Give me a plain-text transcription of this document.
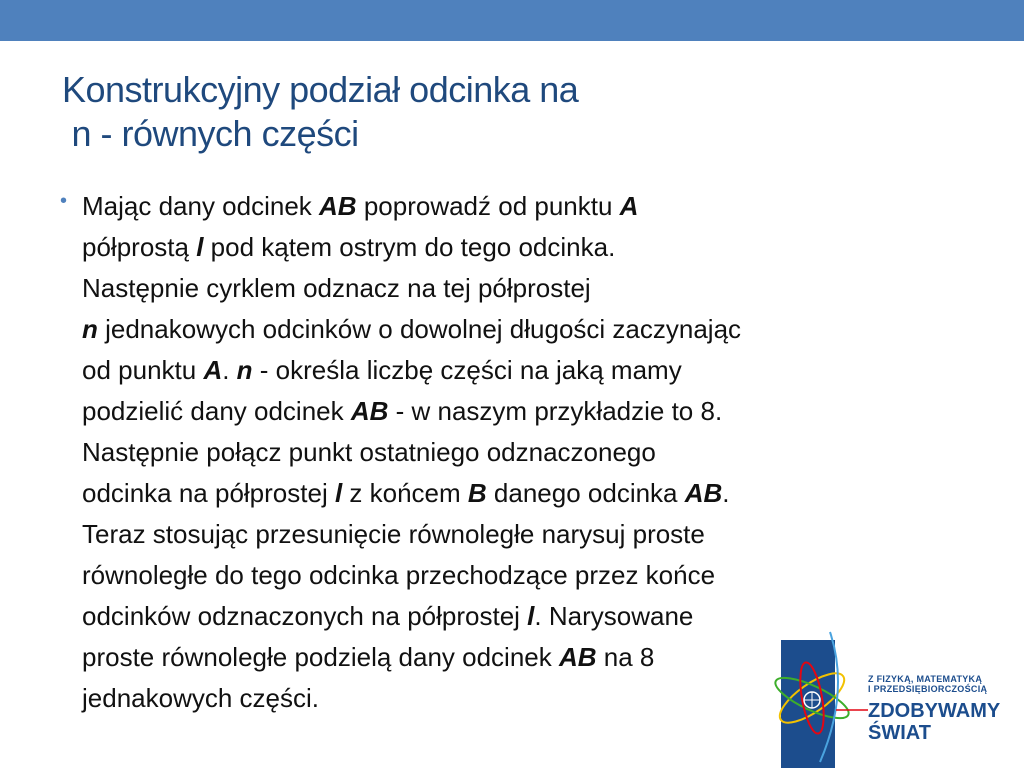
Konstrukcyjny podział odcinka na
n - równych części
• Mając dany odcinek AB poprowadź od punktu A
półprostą l pod kątem ostrym do tego odcinka.
Następnie cyrklem odznacz na tej półprostej
n jednakowych odcinków o dowolnej długości zaczynając
od punktu A. n - określa liczbę części na jaką mamy
podzielić dany odcinek AB - w naszym przykładzie to 8.
Następnie połącz punkt ostatniego odznaczonego
odcinka na półprostej l z końcem B danego odcinka AB.
Teraz stosując przesunięcie równoległe narysuj proste
równoległe do tego odcinka przechodzące przez końce
odcinków odznaczonych na półprostej l. Narysowane
proste równoległe podzielą dany odcinek AB na 8
jednakowych części.
Z FIZYKĄ, MATEMATYKĄ
I PRZEDSIĘBIORCZOŚCIĄ
ZDOBYWAMY
ŚWIAT
